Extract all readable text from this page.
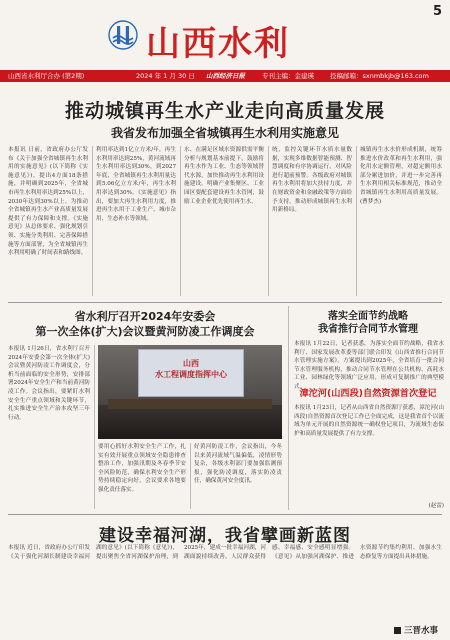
山西水利
5
山西省水利厅合办 (第2期)	2024 年 1 月 30 日 山西经济日报	专刊主编：金建瑛 投稿邮箱：sxnmbkjb@163.com
推动城镇再生水产业走向高质量发展
我省发布加强全省城镇再生水利用实施意见
本报讯 日前，省政府办公厅发布《关于加强全省城镇再生水利用的实施意见》(以下简称《实施意见》)，提出4方面18条措施，并明确到2025年，全省城市再生水利用率达到25%以上，2030年达到30%以上。为推动全省城镇再生水产业高质量发展提供了有力保障和支撑。《实施意见》从总体要求、强化规划引领、实施分类利用、完善保障措施等方面部署，为全省城镇再生水利用明确了时间表和路线图。
利用率达到1亿立方米/年，再生水利用率达到25%，黄河流域再生水利用率达到30%，到2027年底，全省城镇再生水利用量达到5.06亿立方米/年，再生水利用率达到30%。《实施意见》指出，要加大再生水利用力度，推进再生水用于工业生产、城市杂用、生态补水等领域。
水、在满足区域水资源供需平衡分析与规划基本前提下，鼓励将再生水作为工业、生态等领域替代水源，加快推动再生水利用设施建设。明确产业集聚区、工业园区要配套建设再生水管网，鼓励工业企业优先使用再生水。
统，监控关键环节水质水量数据，实现多维数据智能预测、智慧调度和有序协调运行，对风险进行超前预警。各级政府对城镇再生水利用将加大扶持力度，并在财政资金和金融政策等方面给予支持，推动形成城镇再生水利用新格局。
城镇再生水水价形成机制，统筹推进水价改革和再生水利用，强化用水定额管理，对超定额用水部分累进加价，并进一步完善再生水利用相关标准规范，推动全省城镇再生水利用高质量发展。(曹梦杰)
省水利厅召开2024年安委会
第一次全体(扩大)会议暨黄河防凌工作调度会
本报讯 1月26日，省水利厅召开2024年安委会第一次全体(扩大)会议暨黄河防凌工作调度会，分析当前面临的安全形势，安排部署2024年安全生产和当前黄河防凌工作。会议指出，要紧盯水利安全生产重点领域和关键环节，扎实推进安全生产治本攻坚三年行动。
要用心抓好水利安全生产工作，扎实有效开展重点领域安全隐患排查整治工作，加强汛期及冬春季节安全风险防范，确保水利安全生产形势持续稳定向好。会议要求各地要强化责任落实。
好黄河防凌工作，会议指出，今冬以来黄河流域气温偏低，凌情形势复杂，各级水利部门要加强监测预报，强化防凌调度，落实防凌责任，确保黄河安全度汛。
山西
水工程调度指挥中心
落实全面节约战略
我省推行合同节水管理
本报讯 1月22日，记者获悉，为落实全面节约战略，我省水利厅、国家发展改革委等部门联合印发《山西省推行合同节水管理实施方案》。方案提出到2025年，全省培育一批合同节水管理服务机构，推动合同节水管理在公共机构、高耗水工业、园林绿化等领域广泛应用，形成可复制推广的典型模式。
漳沱河(山西段)自然资源首次登记
本报讯 1月23日，记者从山西省自然资源厅获悉，漳沱河(山西段)自然资源首次登记工作已全面完成，这是我省首个以流域为单元开展的自然资源统一确权登记项目，为流域生态保护和高质量发展提供了有力支撑。
(赵雷)
建设幸福河湖，我省擘画新蓝图
本报讯 近日，省政府办公厅印发《关于强化河湖长制建设幸福河湖的意见》(以下简称《意见》)，提出聚焦全省河湖保护治理，到2025年，建成一批幸福河湖，河湖面貌持续改善，人民群众获得感、幸福感、安全感明显增强。《意见》从加强河湖保护、推进水资源节约集约利用、加强水生态修复等方面提出具体措施。
三晋水事
